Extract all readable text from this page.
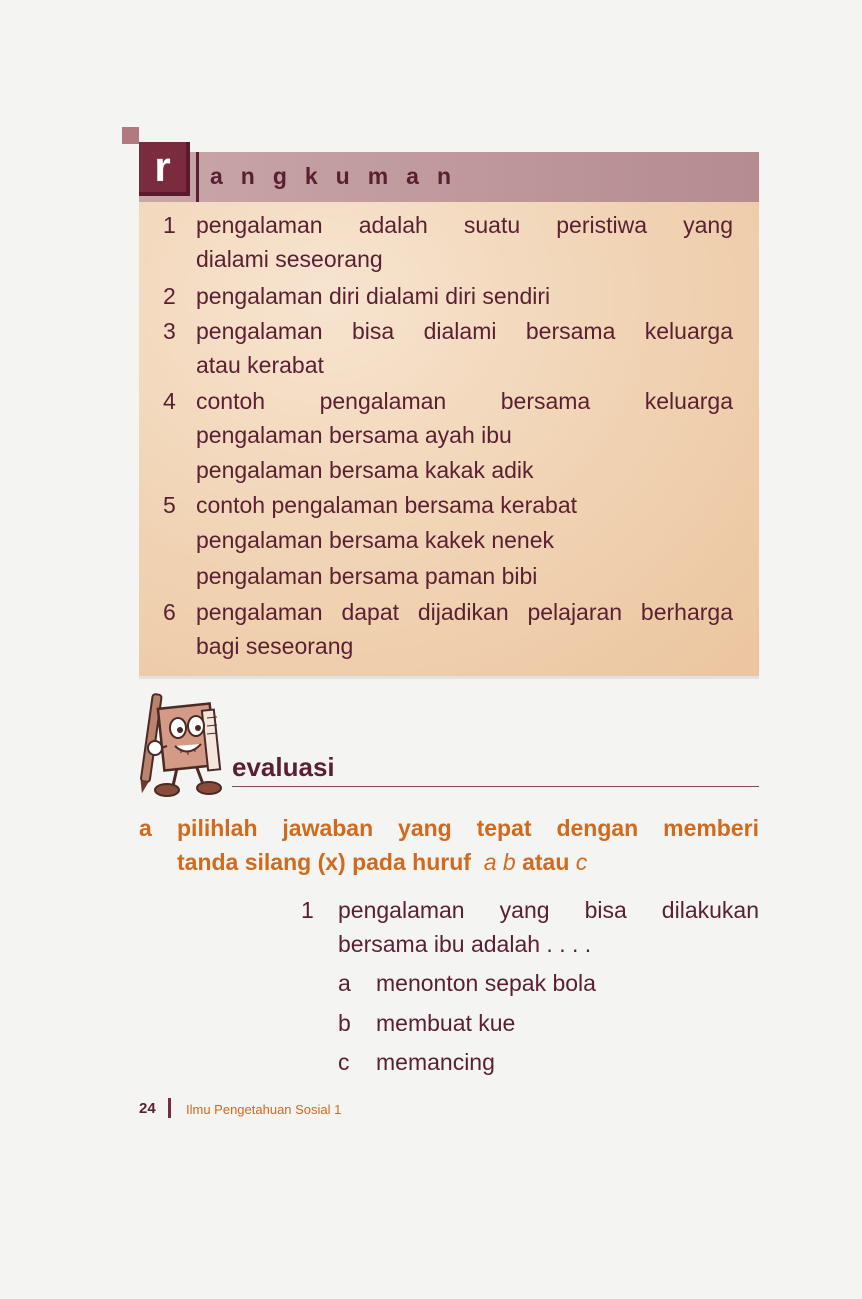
r	angkuman
1 pengalaman adalah suatu peristiwa yang
dialami seseorang
2 pengalaman diri dialami diri sendiri
3 pengalaman bisa dialami bersama keluarga
atau kerabat
4 contoh pengalaman bersama keluarga
pengalaman bersama ayah ibu
pengalaman bersama kakak adik
5 contoh pengalaman bersama kerabat
pengalaman bersama kakek nenek
pengalaman bersama paman bibi
6 pengalaman dapat dijadikan pelajaran berharga
bagi seseorang
evaluasi
a pilihlah jawaban yang tepat dengan memberi
tanda silang (x) pada huruf a b atau c
1 pengalaman yang bisa dilakukan
bersama ibu adalah . . . .
a menonton sepak bola
b membuat kue
c memancing
24 Ilmu Pengetahuan Sosial 1
